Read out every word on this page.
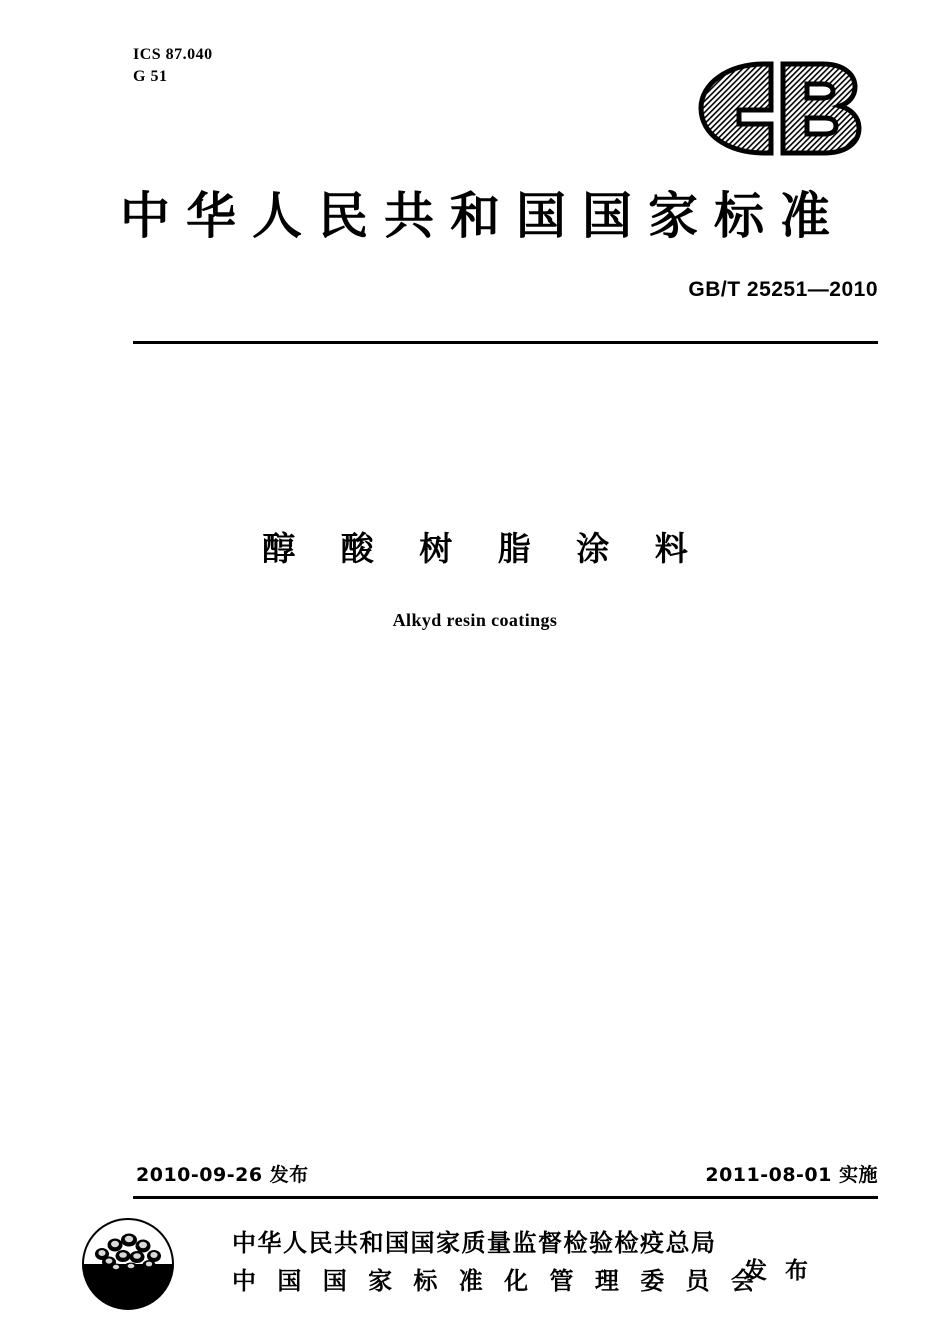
ICS 87.040
G 51
中华人民共和国国家标准
GB/T 25251—2010
醇 酸 树 脂 涂 料
Alkyd resin coatings
2010-09-26 发布	2011-08-01 实施
中华人民共和国国家质量监督检验检疫总局
中 国 国 家 标 准 化 管 理 委 员 会
发 布
